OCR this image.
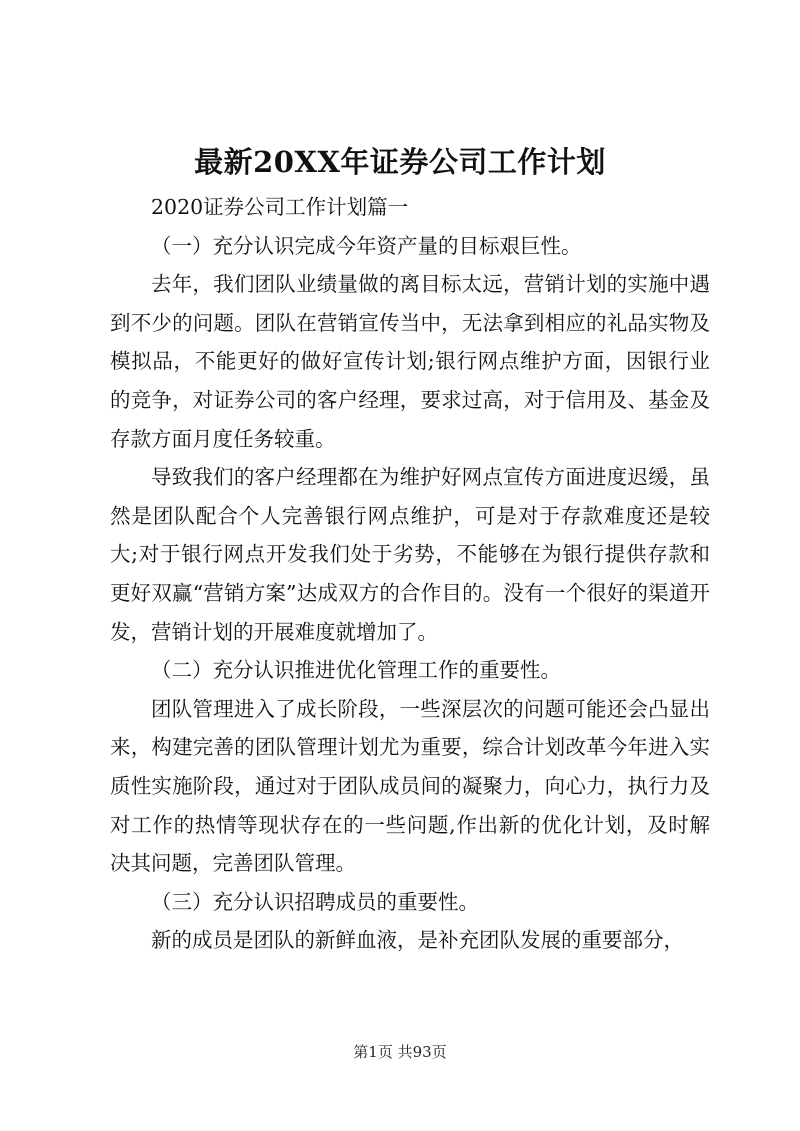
最新20XX年证券公司工作计划

2020证券公司工作计划篇一

（一）充分认识完成今年资产量的目标艰巨性。

去年，我们团队业绩量做的离目标太远，营销计划的实施中遇到不少的问题。团队在营销宣传当中，无法拿到相应的礼品实物及模拟品，不能更好的做好宣传计划;银行网点维护方面，因银行业的竞争，对证券公司的客户经理，要求过高，对于信用及、基金及存款方面月度任务较重。

导致我们的客户经理都在为维护好网点宣传方面进度迟缓，虽然是团队配合个人完善银行网点维护，可是对于存款难度还是较大;对于银行网点开发我们处于劣势，不能够在为银行提供存款和更好双赢“营销方案”达成双方的合作目的。没有一个很好的渠道开发，营销计划的开展难度就增加了。

（二）充分认识推进优化管理工作的重要性。

团队管理进入了成长阶段，一些深层次的问题可能还会凸显出来，构建完善的团队管理计划尤为重要，综合计划改革今年进入实质性实施阶段，通过对于团队成员间的凝聚力，向心力，执行力及对工作的热情等现状存在的一些问题,作出新的优化计划，及时解决其问题，完善团队管理。

（三）充分认识招聘成员的重要性。

新的成员是团队的新鲜血液，是补充团队发展的重要部分，

第1页 共93页
